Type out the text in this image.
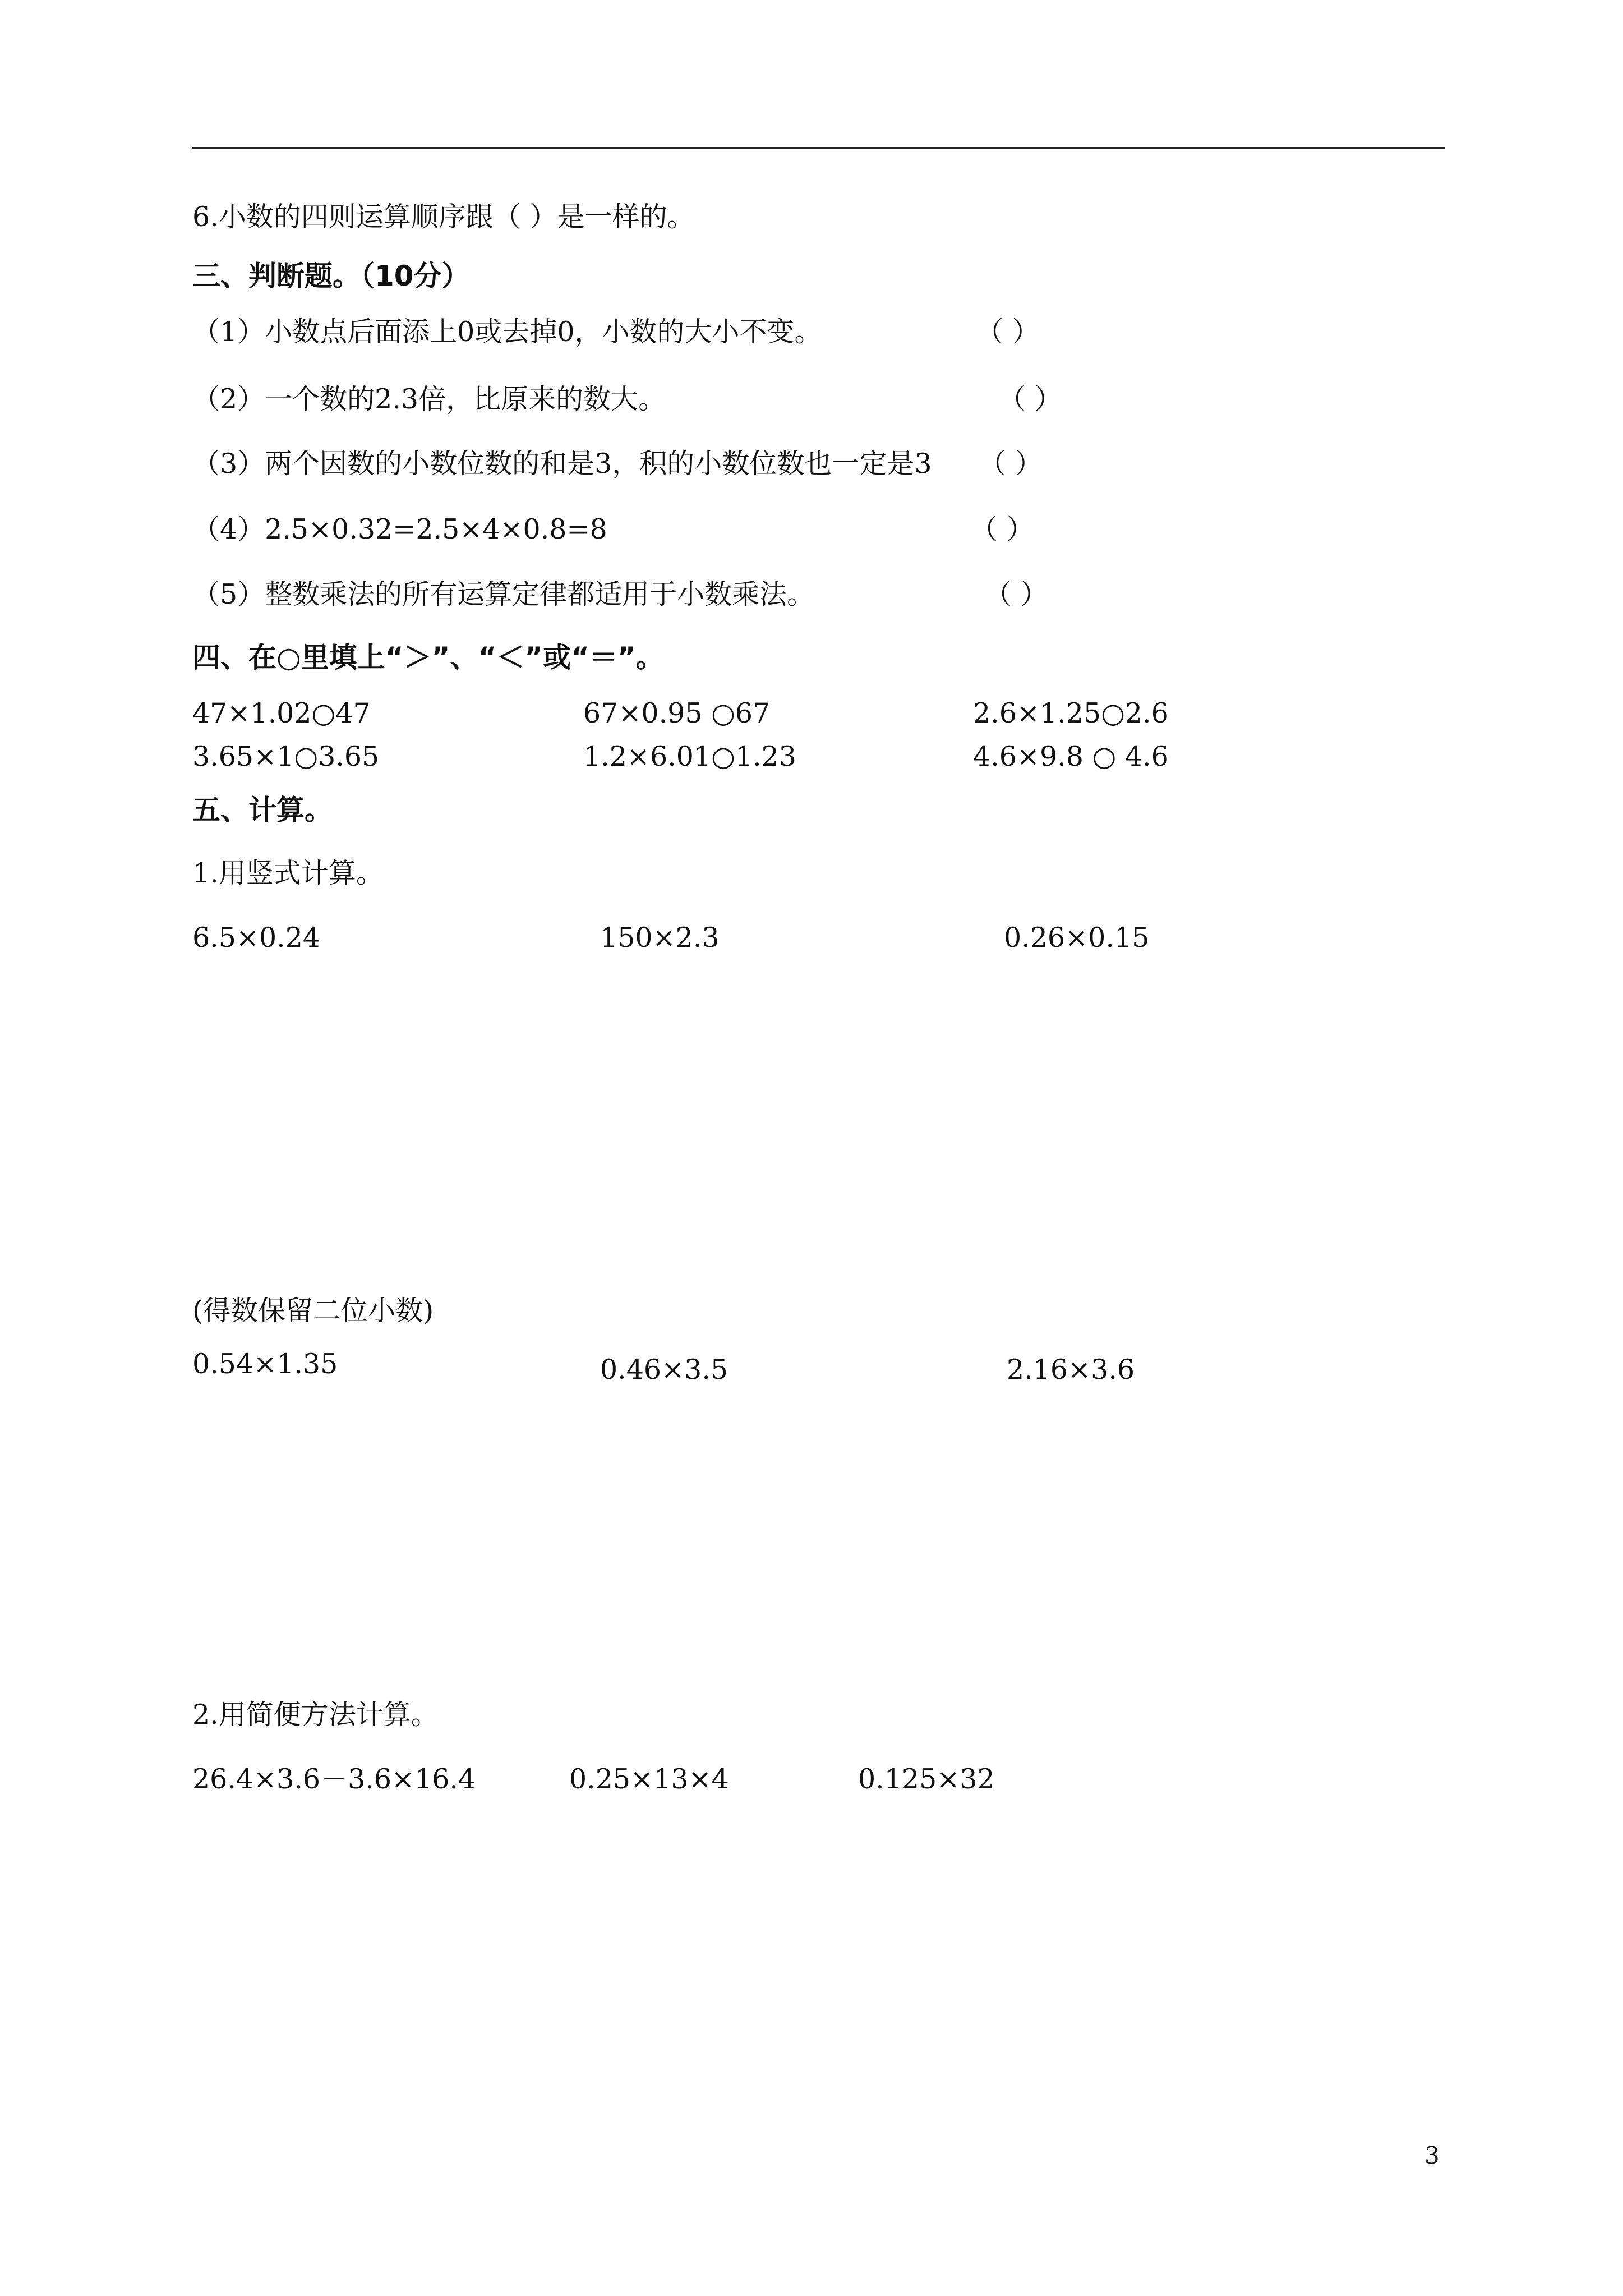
6.小数的四则运算顺序跟（ ）是一样的。
三、判断题。（10分）
（1）小数点后面添上0或去掉0，小数的大小不变。	（ ）
（2）一个数的2.3倍，比原来的数大。	（ ）
（3）两个因数的小数位数的和是3，积的小数位数也一定是3 （ ）
（4）2.5×0.32=2.5×4×0.8=8	（ ）
（5）整数乘法的所有运算定律都适用于小数乘法。	（ ）
四、在○里填上“＞”、“＜”或“＝”。
47×1.02○47	67×0.95 ○67	2.6×1.25○2.6
3.65×1○3.65	1.2×6.01○1.23	4.6×9.8 ○ 4.6
五、计算。
1.用竖式计算。
6.5×0.24	150×2.3	0.26×0.15
(得数保留二位小数)
0.54×1.35	0.46×3.5	2.16×3.6
2.用简便方法计算。
26.4×3.6－3.6×16.4	0.25×13×4	0.125×32
3
